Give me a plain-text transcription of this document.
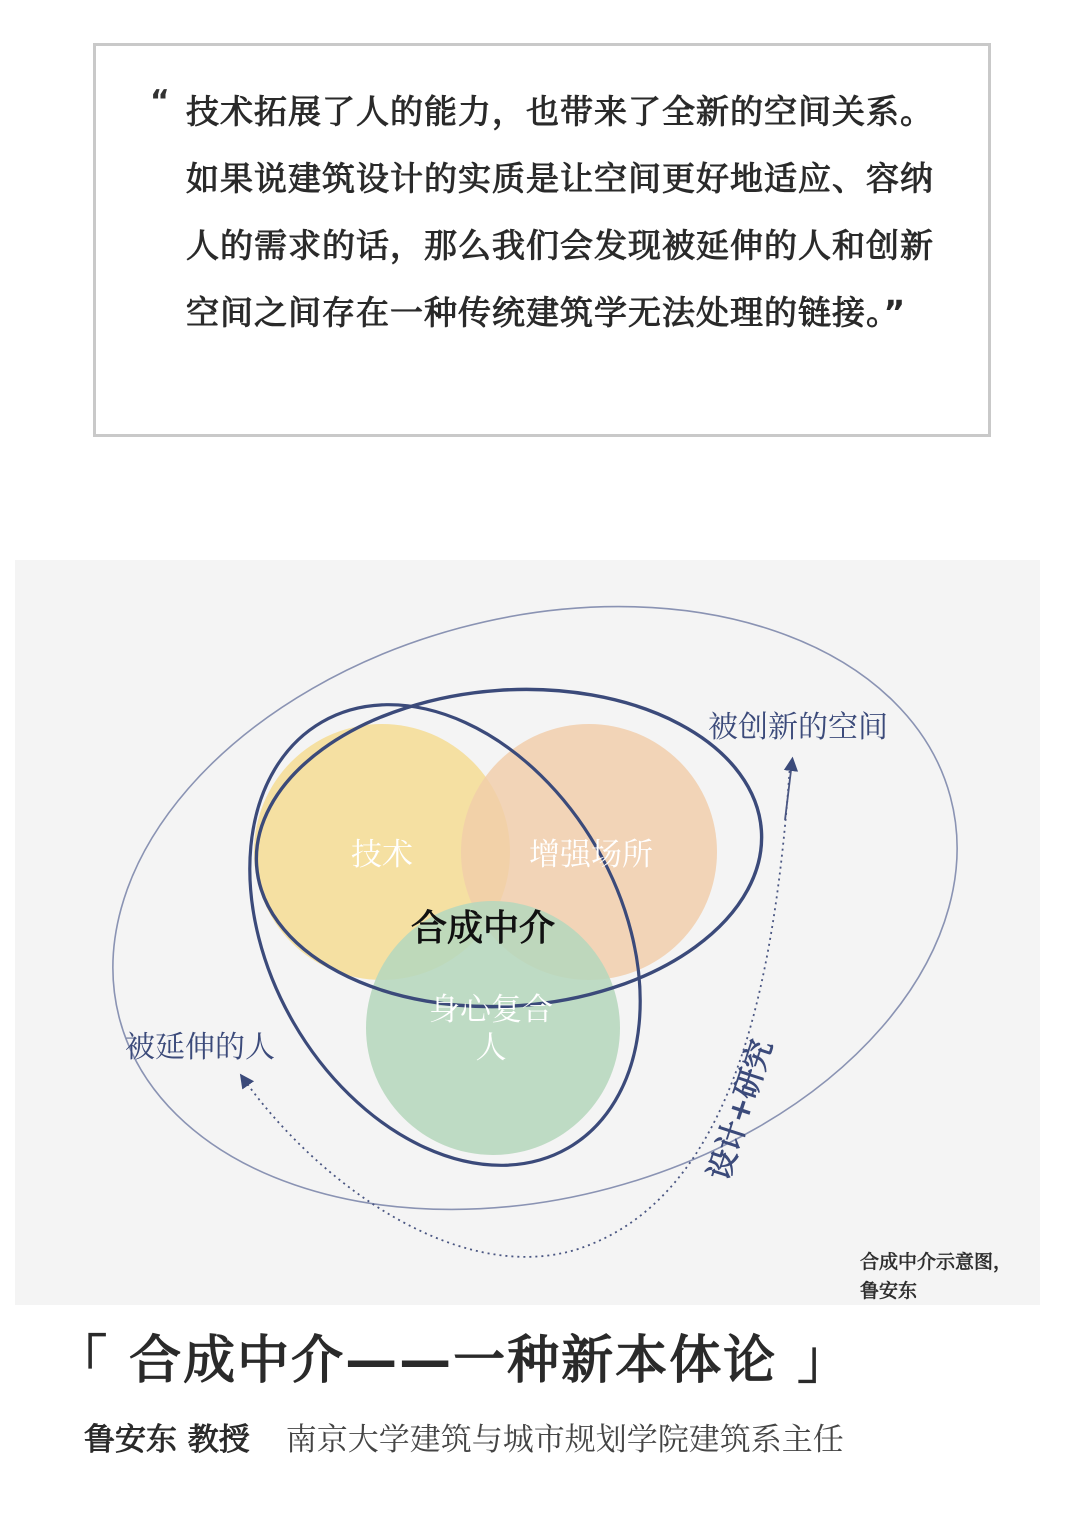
“ 技术拓展了人的能力，也带来了全新的空间关系。如果说建筑设计的实质是让空间更好地适应、容纳人的需求的话，那么我们会发现被延伸的人和创新空间之间存在一种传统建筑学无法处理的链接。”

技术	增强场所
身心复合人
合成中介
被创新的空间
被延伸的人	设计+研究
合成中介示意图，鲁安东
「 合成中介——一种新本体论 」
鲁安东 教授 南京大学建筑与城市规划学院建筑系主任
